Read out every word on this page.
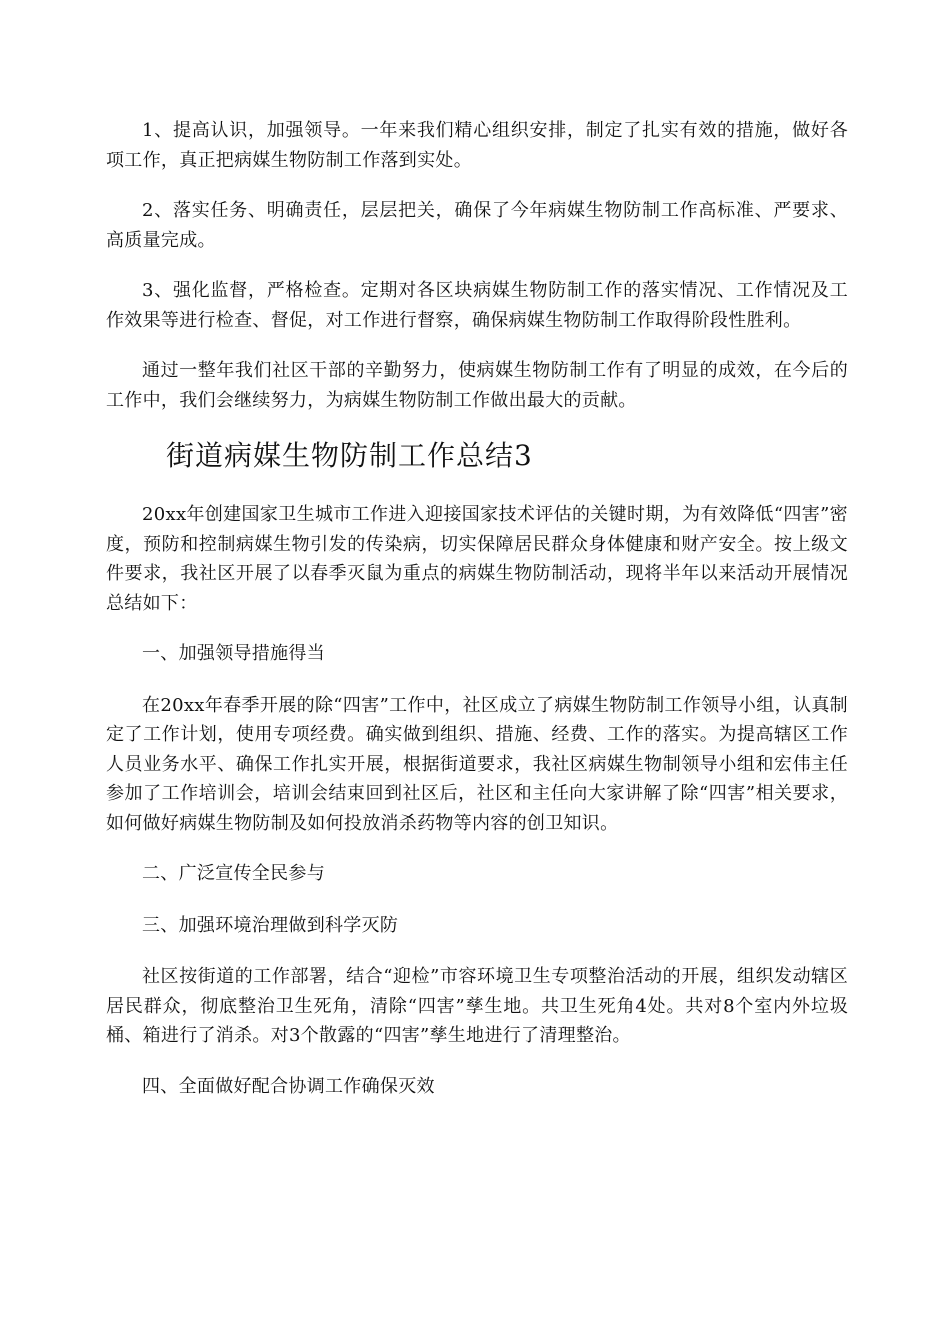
1、提高认识，加强领导。一年来我们精心组织安排，制定了扎实有效的措施，做好各项工作，真正把病媒生物防制工作落到实处。

2、落实任务、明确责任，层层把关，确保了今年病媒生物防制工作高标准、严要求、高质量完成。

3、强化监督，严格检查。定期对各区块病媒生物防制工作的落实情况、工作情况及工作效果等进行检查、督促，对工作进行督察，确保病媒生物防制工作取得阶段性胜利。

通过一整年我们社区干部的辛勤努力，使病媒生物防制工作有了明显的成效，在今后的工作中，我们会继续努力，为病媒生物防制工作做出最大的贡献。

街道病媒生物防制工作总结3

20xx年创建国家卫生城市工作进入迎接国家技术评估的关键时期，为有效降低“四害”密度，预防和控制病媒生物引发的传染病，切实保障居民群众身体健康和财产安全。按上级文件要求，我社区开展了以春季灭鼠为重点的病媒生物防制活动，现将半年以来活动开展情况总结如下：

一、加强领导措施得当

在20xx年春季开展的除“四害”工作中，社区成立了病媒生物防制工作领导小组，认真制定了工作计划，使用专项经费。确实做到组织、措施、经费、工作的落实。为提高辖区工作人员业务水平、确保工作扎实开展，根据街道要求，我社区病媒生物制领导小组和宏伟主任参加了工作培训会，培训会结束回到社区后，社区和主任向大家讲解了除“四害”相关要求，如何做好病媒生物防制及如何投放消杀药物等内容的创卫知识。

二、广泛宣传全民参与

三、加强环境治理做到科学灭防

社区按街道的工作部署，结合“迎检”市容环境卫生专项整治活动的开展，组织发动辖区居民群众，彻底整治卫生死角，清除“四害”孳生地。共卫生死角4处。共对8个室内外垃圾桶、箱进行了消杀。对3个散露的“四害”孳生地进行了清理整治。

四、全面做好配合协调工作确保灭效
